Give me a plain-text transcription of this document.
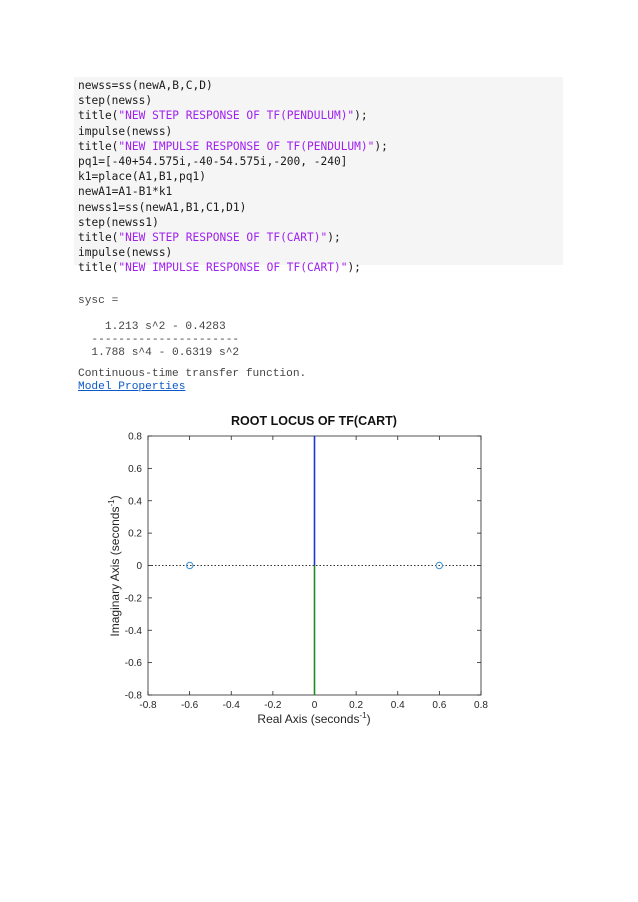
newss=ss(newA,B,C,D)
step(newss)
title("NEW STEP RESPONSE OF TF(PENDULUM)");
impulse(newss)
title("NEW IMPULSE RESPONSE OF TF(PENDULUM)");
pq1=[-40+54.575i,-40-54.575i,-200, -240]
k1=place(A1,B1,pq1)
newA1=A1-B1*k1
newss1=ss(newA1,B1,C1,D1)
step(newss1)
title("NEW STEP RESPONSE OF TF(CART)");
impulse(newss)
title("NEW IMPULSE RESPONSE OF TF(CART)");
sysc =
1.213 s^2 - 0.4283
----------------------
1.788 s^4 - 0.6319 s^2
Continuous-time transfer function.
Model Properties
ROOT LOCUS OF TF(CART)
-0.8 -0.6 -0.4 -0.2	0	0.2	0.4	0.6	0.8
0.8
0.6
0.4
0.2
0
-0.2
-0.4
-0.6
-0.8
Real Axis (seconds$^{-1}$)
Imaginary Axis (seconds$^{-1}$)
